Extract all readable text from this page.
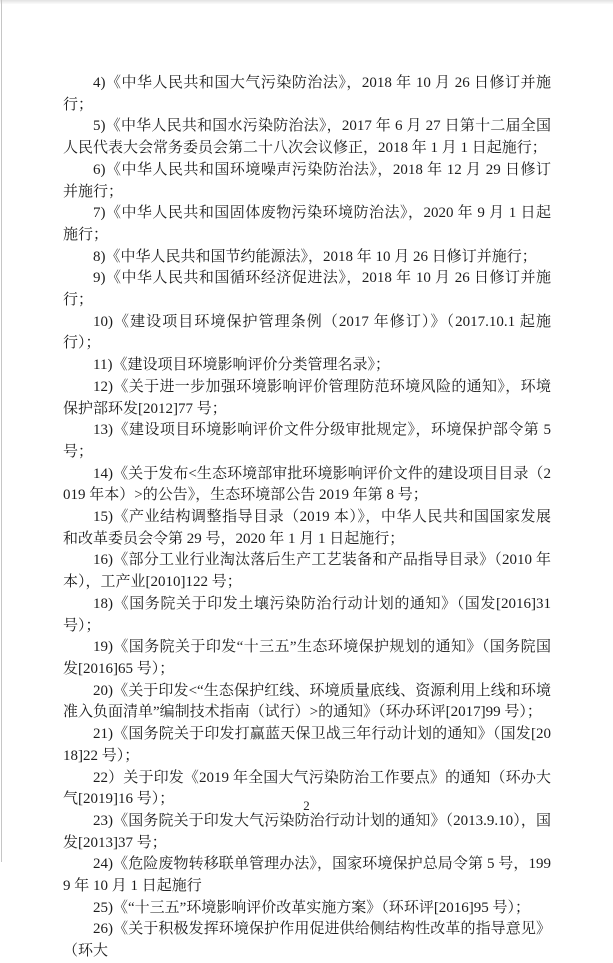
4)《中华人民共和国大气污染防治法》，2018 年 10 月 26 日修订并施行；

5)《中华人民共和国水污染防治法》，2017 年 6 月 27 日第十二届全国人民代表大会常务委员会第二十八次会议修正，2018 年 1 月 1 日起施行；

6)《中华人民共和国环境噪声污染防治法》，2018 年 12 月 29 日修订并施行；

7)《中华人民共和国固体废物污染环境防治法》，2020 年 9 月 1 日起施行；

8)《中华人民共和国节约能源法》，2018 年 10 月 26 日修订并施行；

9)《中华人民共和国循环经济促进法》，2018 年 10 月 26 日修订并施行；

10)《建设项目环境保护管理条例（2017 年修订）》（2017.10.1 起施行）；

11)《建设项目环境影响评价分类管理名录》；

12)《关于进一步加强环境影响评价管理防范环境风险的通知》，环境保护部环发[2012]77 号；

13)《建设项目环境影响评价文件分级审批规定》，环境保护部令第 5 号；

14)《关于发布<生态环境部审批环境影响评价文件的建设项目目录（2019 年本）>的公告》，生态环境部公告 2019 年第 8 号；

15)《产业结构调整指导目录（2019 本）》，中华人民共和国国家发展和改革委员会令第 29 号，2020 年 1 月 1 日起施行；

16)《部分工业行业淘汰落后生产工艺装备和产品指导目录》（2010 年本），工产业[2010]122 号；

18)《国务院关于印发土壤污染防治行动计划的通知》（国发[2016]31 号）；

19)《国务院关于印发“十三五”生态环境保护规划的通知》（国务院国发[2016]65 号）；

20)《关于印发<“生态保护红线、环境质量底线、资源利用上线和环境准入负面清单”编制技术指南（试行）>的通知》（环办环评[2017]99 号）；

21)《国务院关于印发打赢蓝天保卫战三年行动计划的通知》（国发[2018]22 号）；

22）关于印发《2019 年全国大气污染防治工作要点》的通知（环办大气[2019]16 号）；

23)《国务院关于印发大气污染防治行动计划的通知》（2013.9.10），国发[2013]37 号；

24)《危险废物转移联单管理办法》，国家环境保护总局令第 5 号，1999 年 10 月 1 日起施行

25)《“十三五”环境影响评价改革实施方案》（环环评[2016]95 号）；

26)《关于积极发挥环境保护作用促进供给侧结构性改革的指导意见》（环大

2
